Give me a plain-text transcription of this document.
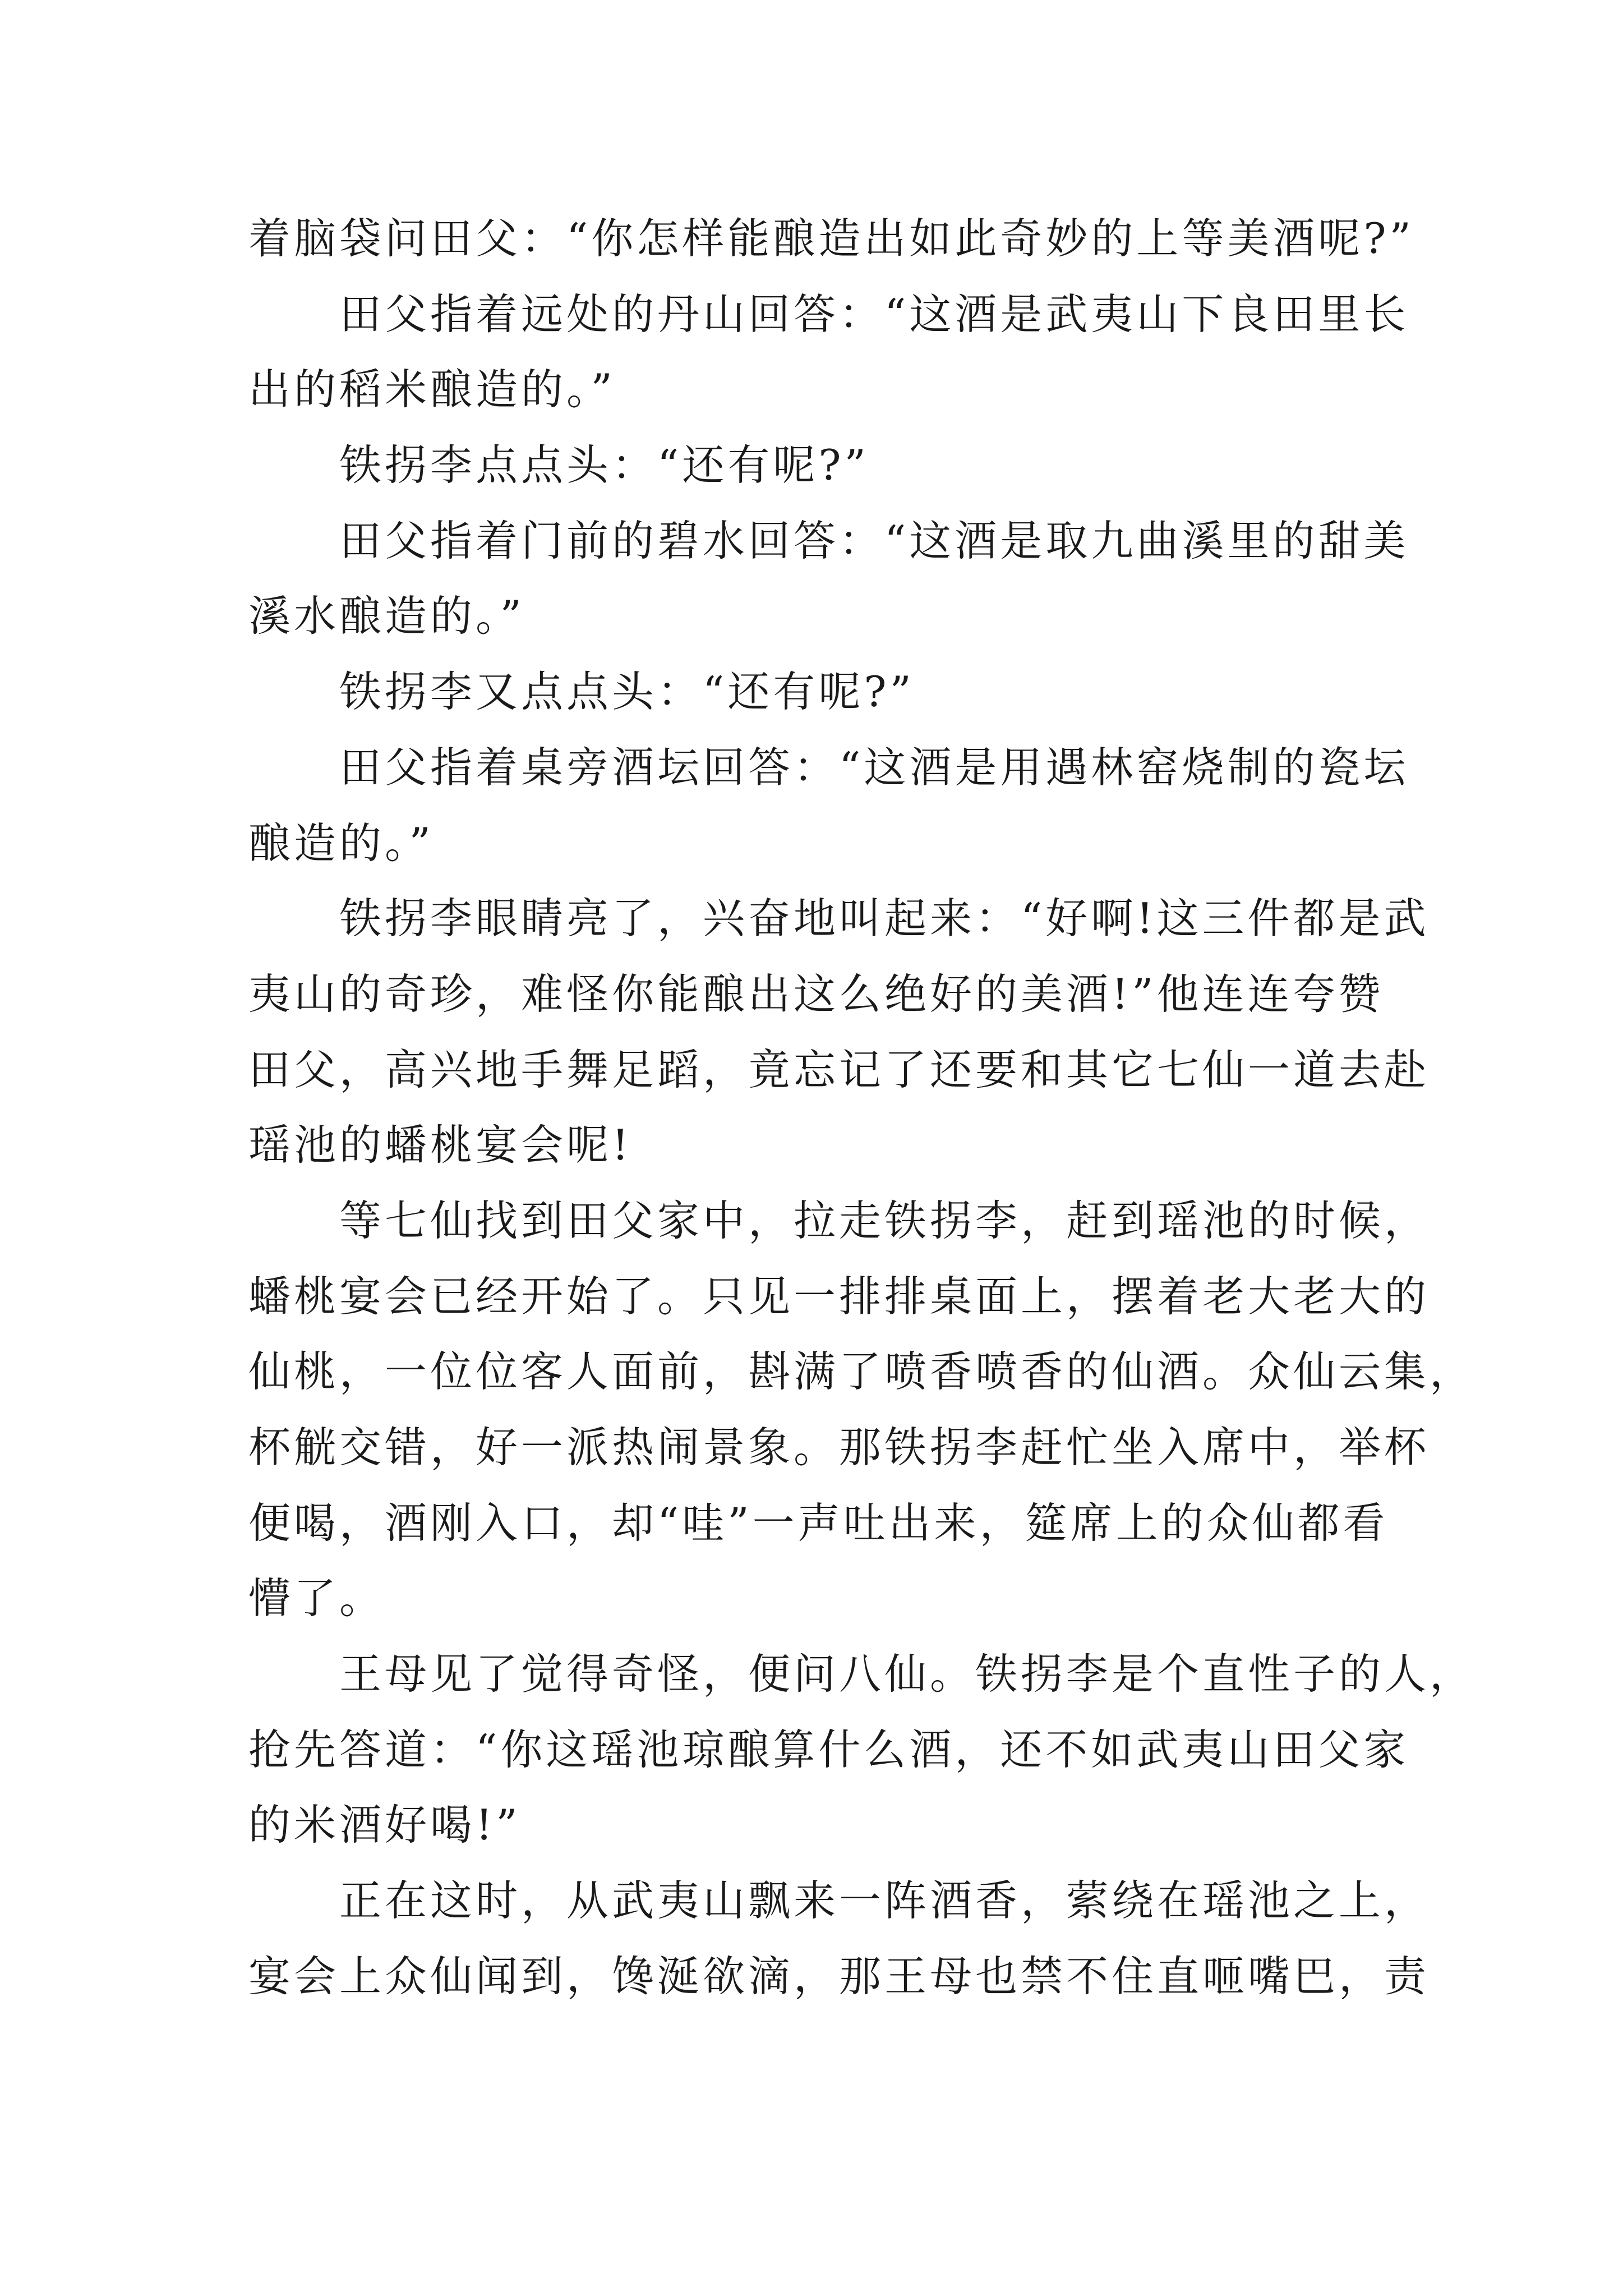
着脑袋问田父：“你怎样能酿造出如此奇妙的上等美酒呢?”
田父指着远处的丹山回答：“这酒是武夷山下良田里长
出的稻米酿造的。”
铁拐李点点头：“还有呢?”
田父指着门前的碧水回答：“这酒是取九曲溪里的甜美
溪水酿造的。”
铁拐李又点点头：“还有呢?”
田父指着桌旁酒坛回答：“这酒是用遇林窑烧制的瓷坛
酿造的。”
铁拐李眼睛亮了，兴奋地叫起来：“好啊!这三件都是武
夷山的奇珍，难怪你能酿出这么绝好的美酒!”他连连夸赞
田父，高兴地手舞足蹈，竟忘记了还要和其它七仙一道去赴
瑶池的蟠桃宴会呢!
等七仙找到田父家中，拉走铁拐李，赶到瑶池的时候，
蟠桃宴会已经开始了。只见一排排桌面上，摆着老大老大的
仙桃，一位位客人面前，斟满了喷香喷香的仙酒。众仙云集，
杯觥交错，好一派热闹景象。那铁拐李赶忙坐入席中，举杯
便喝，酒刚入口，却“哇”一声吐出来，筵席上的众仙都看
懵了。
王母见了觉得奇怪，便问八仙。铁拐李是个直性子的人，
抢先答道：“你这瑶池琼酿算什么酒，还不如武夷山田父家
的米酒好喝!”
正在这时，从武夷山飘来一阵酒香，萦绕在瑶池之上，
宴会上众仙闻到，馋涎欲滴，那王母也禁不住直咂嘴巴，责
